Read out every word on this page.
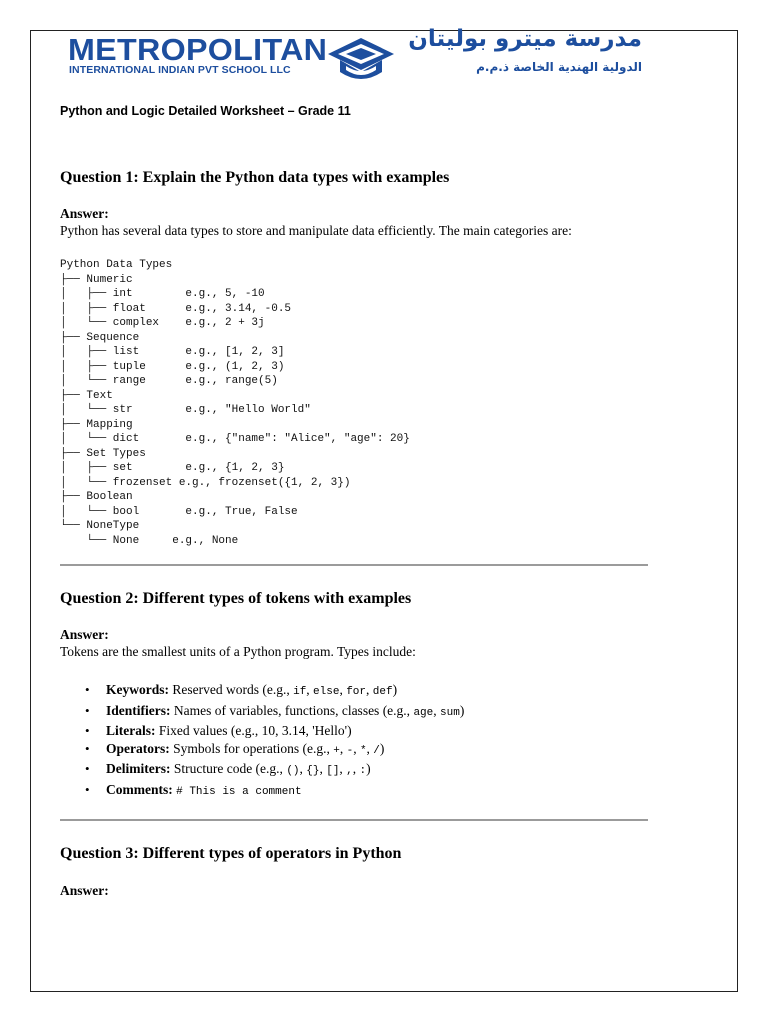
METROPOLITAN
INTERNATIONAL INDIAN PVT SCHOOL LLC
مدرسة ميترو بوليتان
الدولية الهندية الخاصة ذ.م.م
Python and Logic Detailed Worksheet – Grade 11
Question 1: Explain the Python data types with examples
Answer:
Python has several data types to store and manipulate data efficiently. The main categories are:
Python Data Types
├── Numeric
│   ├── int        e.g., 5, -10
│   ├── float      e.g., 3.14, -0.5
│   └── complex    e.g., 2 + 3j
├── Sequence
│   ├── list       e.g., [1, 2, 3]
│   ├── tuple      e.g., (1, 2, 3)
│   └── range      e.g., range(5)
├── Text
│   └── str        e.g., "Hello World"
├── Mapping
│   └── dict       e.g., {"name": "Alice", "age": 20}
├── Set Types
│   ├── set        e.g., {1, 2, 3}
│   └── frozenset e.g., frozenset({1, 2, 3})
├── Boolean
│   └── bool       e.g., True, False
└── NoneType
└── None     e.g., None
Question 2: Different types of tokens with examples
Answer:
Tokens are the smallest units of a Python program. Types include:
• Keywords: Reserved words (e.g., if, else, for, def)
• Identifiers: Names of variables, functions, classes (e.g., age, sum)
• Literals: Fixed values (e.g., 10, 3.14, 'Hello')
• Operators: Symbols for operations (e.g., +, -, *, /)
• Delimiters: Structure code (e.g., (), {}, [], ,, :)
• Comments: # This is a comment
Question 3: Different types of operators in Python
Answer:
